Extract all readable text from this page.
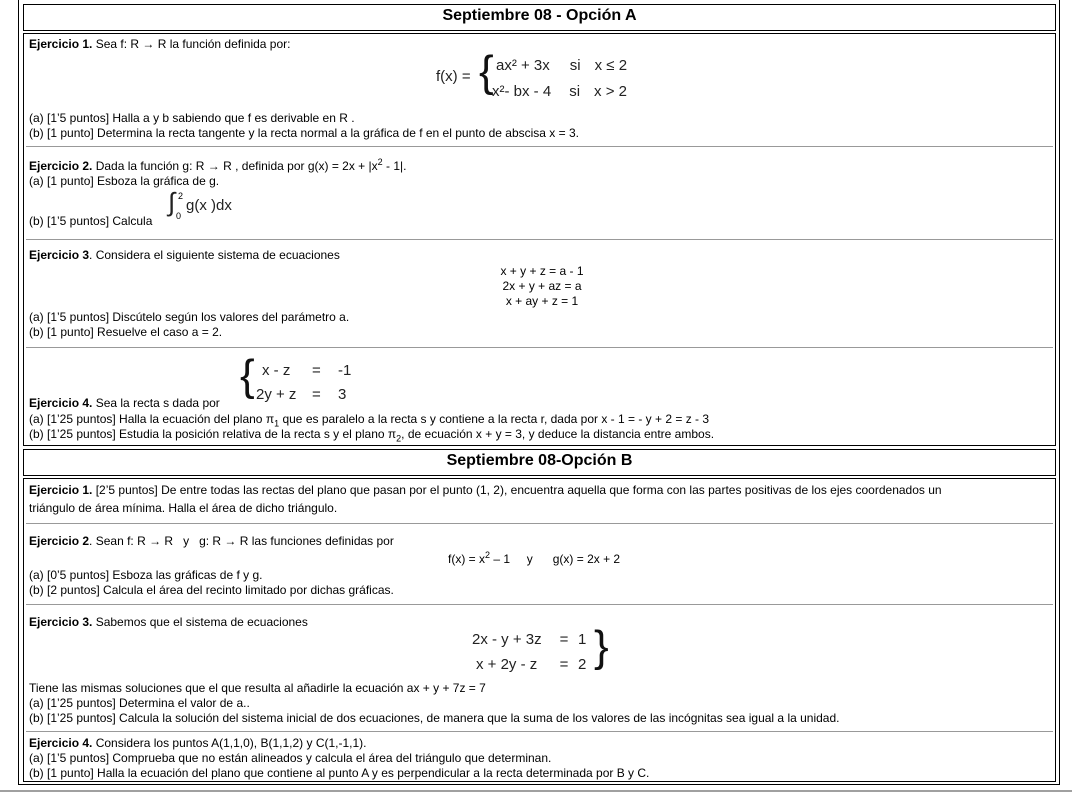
Septiembre 08 - Opción A
Ejercicio 1. Sea f: R → R la función definida por:
f(x) = { ax² + 3x si x ≤ 2
x²- bx - 4 si x > 2
(a) [1’5 puntos] Halla a y b sabiendo que f es derivable en R .
(b) [1 punto] Determina la recta tangente y la recta normal a la gráfica de f en el punto de abscisa x = 3.
Ejercicio 2. Dada la función g: R → R , definida por $g(x) = 2x + |x^2 - 1|$.
(a) [1 punto] Esboza la gráfica de g.
(b) [1’5 puntos] Calcula
∫ 2
0
g(x )dx
Ejercicio 3. Considera el siguiente sistema de ecuaciones
x + y + z = a - 1
2x + y + az = a
x + ay + z = 1
(a) [1’5 puntos] Discútelo según los valores del parámetro a.
(b) [1 punto] Resuelve el caso a = 2.
{ x - z = -1
2y + z = 3
Ejercicio 4. Sea la recta s dada por
(a) [1’25 puntos] Halla la ecuación del plano $\pi_1$ que es paralelo a la recta s y contiene a la recta r, dada por x - 1 = - y + 2 = z - 3
(b) [1’25 puntos] Estudia la posición relativa de la recta s y el plano $\pi_2$, de ecuación x + y = 3, y deduce la distancia entre ambos.
Septiembre 08-Opción B
Ejercicio 1. [2’5 puntos] De entre todas las rectas del plano que pasan por el punto (1, 2), encuentra aquella que forma con las partes positivas de los ejes coordenados un
triángulo de área mínima. Halla el área de dicho triángulo.
Ejercicio 2. Sean f: R → R   y   g: R → R las funciones definidas por
$f(x) = x^2 - 1$     y      g(x) = 2x + 2
(a) [0’5 puntos] Esboza las gráficas de f y g.
(b) [2 puntos] Calcula el área del recinto limitado por dichas gráficas.
Ejercicio 3. Sabemos que el sistema de ecuaciones
2x - y + 3z = 1
x + 2y - z = 2 }
Tiene las mismas soluciones que el que resulta al añadirle la ecuación ax + y + 7z = 7
(a) [1’25 puntos] Determina el valor de a..
(b) [1’25 puntos] Calcula la solución del sistema inicial de dos ecuaciones, de manera que la suma de los valores de las incógnitas sea igual a la unidad.
Ejercicio 4. Considera los puntos A(1,1,0), B(1,1,2) y C(1,-1,1).
(a) [1’5 puntos] Comprueba que no están alineados y calcula el área del triángulo que determinan.
(b) [1 punto] Halla la ecuación del plano que contiene al punto A y es perpendicular a la recta determinada por B y C.
